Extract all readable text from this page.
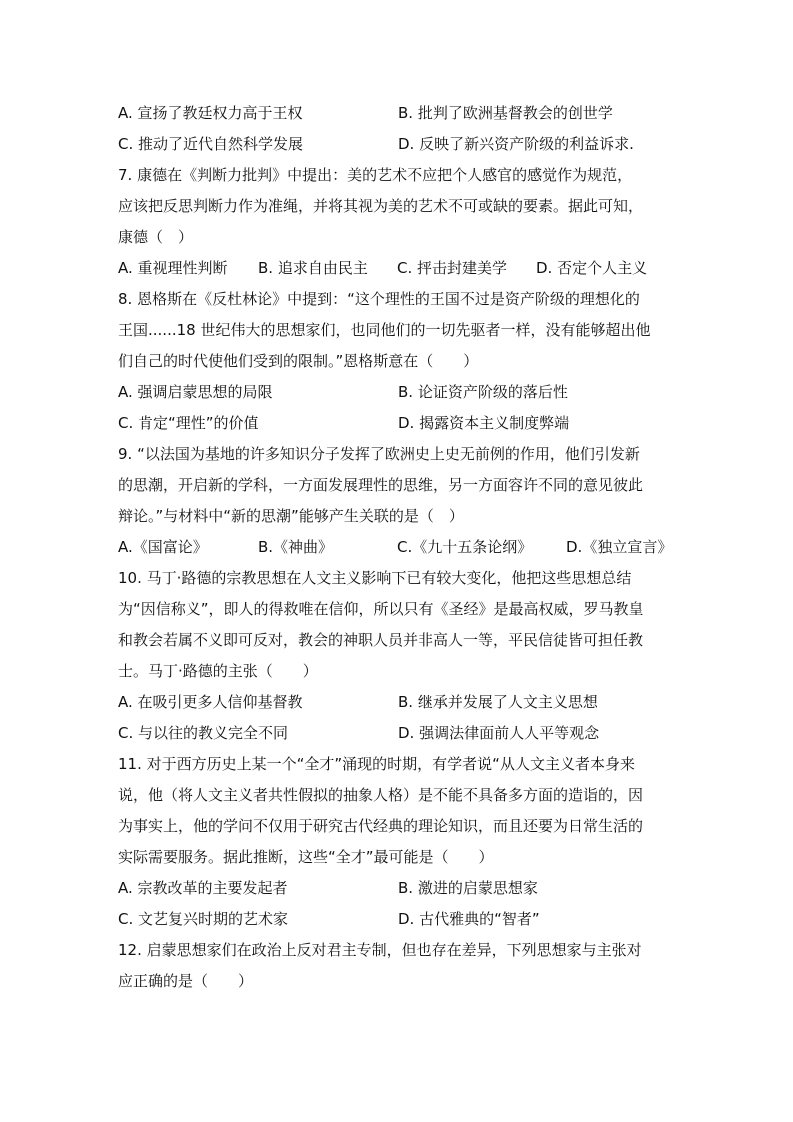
A. 宣扬了教廷权力高于王权	B. 批判了欧洲基督教会的创世学
C. 推动了近代自然科学发展	D. 反映了新兴资产阶级的利益诉求.
7. 康德在《判断力批判》中提出：美的艺术不应把个人感官的感觉作为规范，
应该把反思判断力作为准绳，并将其视为美的艺术不可或缺的要素。据此可知，
康德（　）
A. 重视理性判断 B. 追求自由民主 C. 抨击封建美学 D. 否定个人主义
8. 恩格斯在《反杜林论》中提到：“这个理性的王国不过是资产阶级的理想化的
王国......18 世纪伟大的思想家们，也同他们的一切先驱者一样，没有能够超出他
们自己的时代使他们受到的限制。”恩格斯意在（　　）
A. 强调启蒙思想的局限	B. 论证资产阶级的落后性
C. 肯定“理性”的价值	D. 揭露资本主义制度弊端
9. “以法国为基地的许多知识分子发挥了欧洲史上史无前例的作用，他们引发新
的思潮，开启新的学科，一方面发展理性的思维，另一方面容许不同的意见彼此
辩论。”与材料中“新的思潮”能够产生关联的是（　）
A.《国富论》	B.《神曲》	C.《九十五条论纲》 D.《独立宣言》
10. 马丁·路德的宗教思想在人文主义影响下已有较大变化，他把这些思想总结
为“因信称义”，即人的得救唯在信仰，所以只有《圣经》是最高权威，罗马教皇
和教会若属不义即可反对，教会的神职人员并非高人一等，平民信徒皆可担任教
士。马丁·路德的主张（　　）
A. 在吸引更多人信仰基督教	B. 继承并发展了人文主义思想
C. 与以往的教义完全不同	D. 强调法律面前人人平等观念
11. 对于西方历史上某一个“全才”涌现的时期，有学者说“从人文主义者本身来
说，他（将人文主义者共性假拟的抽象人格）是不能不具备多方面的造诣的，因
为事实上，他的学问不仅用于研究古代经典的理论知识，而且还要为日常生活的
实际需要服务。据此推断，这些“全才”最可能是（　　）
A. 宗教改革的主要发起者	B. 激进的启蒙思想家
C. 文艺复兴时期的艺术家	D. 古代雅典的“智者”
12. 启蒙思想家们在政治上反对君主专制，但也存在差异，下列思想家与主张对
应正确的是（　　）
